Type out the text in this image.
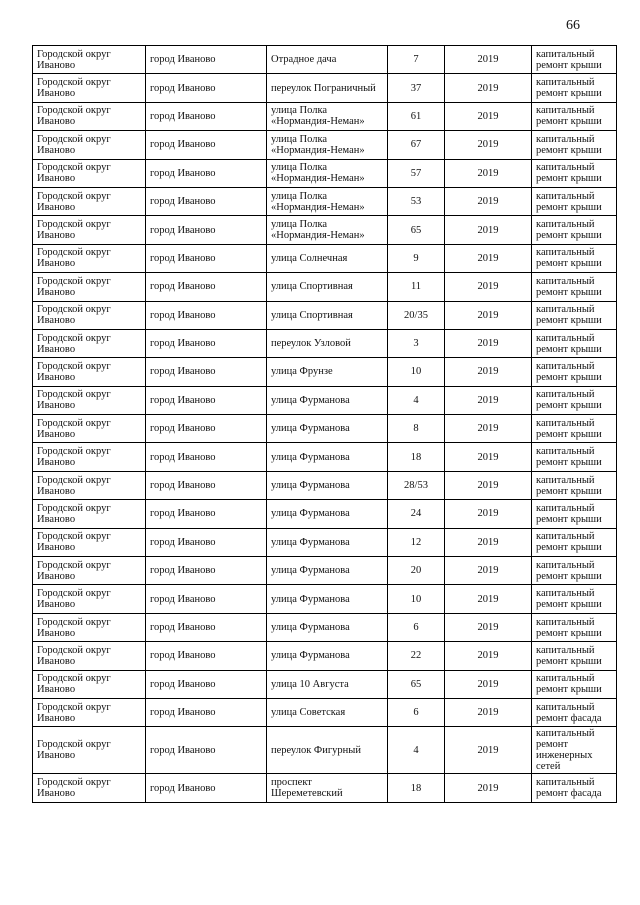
66
Городской округ Иваново	город Иваново	Отрадное дача	7	2019	капитальный ремонт крыши
Городской округ Иваново	город Иваново	переулок Пограничный	37	2019	капитальный ремонт крыши
Городской округ Иваново	город Иваново	улица Полка «Нормандия-Неман»	61	2019	капитальный ремонт крыши
Городской округ Иваново	город Иваново	улица Полка «Нормандия-Неман»	67	2019	капитальный ремонт крыши
Городской округ Иваново	город Иваново	улица Полка «Нормандия-Неман»	57	2019	капитальный ремонт крыши
Городской округ Иваново	город Иваново	улица Полка «Нормандия-Неман»	53	2019	капитальный ремонт крыши
Городской округ Иваново	город Иваново	улица Полка «Нормандия-Неман»	65	2019	капитальный ремонт крыши
Городской округ Иваново	город Иваново	улица Солнечная	9	2019	капитальный ремонт крыши
Городской округ Иваново	город Иваново	улица Спортивная	11	2019	капитальный ремонт крыши
Городской округ Иваново	город Иваново	улица Спортивная	20/35	2019	капитальный ремонт крыши
Городской округ Иваново	город Иваново	переулок Узловой	3	2019	капитальный ремонт крыши
Городской округ Иваново	город Иваново	улица Фрунзе	10	2019	капитальный ремонт крыши
Городской округ Иваново	город Иваново	улица Фурманова	4	2019	капитальный ремонт крыши
Городской округ Иваново	город Иваново	улица Фурманова	8	2019	капитальный ремонт крыши
Городской округ Иваново	город Иваново	улица Фурманова	18	2019	капитальный ремонт крыши
Городской округ Иваново	город Иваново	улица Фурманова	28/53	2019	капитальный ремонт крыши
Городской округ Иваново	город Иваново	улица Фурманова	24	2019	капитальный ремонт крыши
Городской округ Иваново	город Иваново	улица Фурманова	12	2019	капитальный ремонт крыши
Городской округ Иваново	город Иваново	улица Фурманова	20	2019	капитальный ремонт крыши
Городской округ Иваново	город Иваново	улица Фурманова	10	2019	капитальный ремонт крыши
Городской округ Иваново	город Иваново	улица Фурманова	6	2019	капитальный ремонт крыши
Городской округ Иваново	город Иваново	улица Фурманова	22	2019	капитальный ремонт крыши
Городской округ Иваново	город Иваново	улица 10 Августа	65	2019	капитальный ремонт крыши
Городской округ Иваново	город Иваново	улица Советская	6	2019	капитальный ремонт фасада
Городской округ Иваново	город Иваново	переулок Фигурный	4	2019	капитальный ремонт инженерных сетей
Городской округ Иваново	город Иваново	проспект Шереметевский	18	2019	капитальный ремонт фасада
